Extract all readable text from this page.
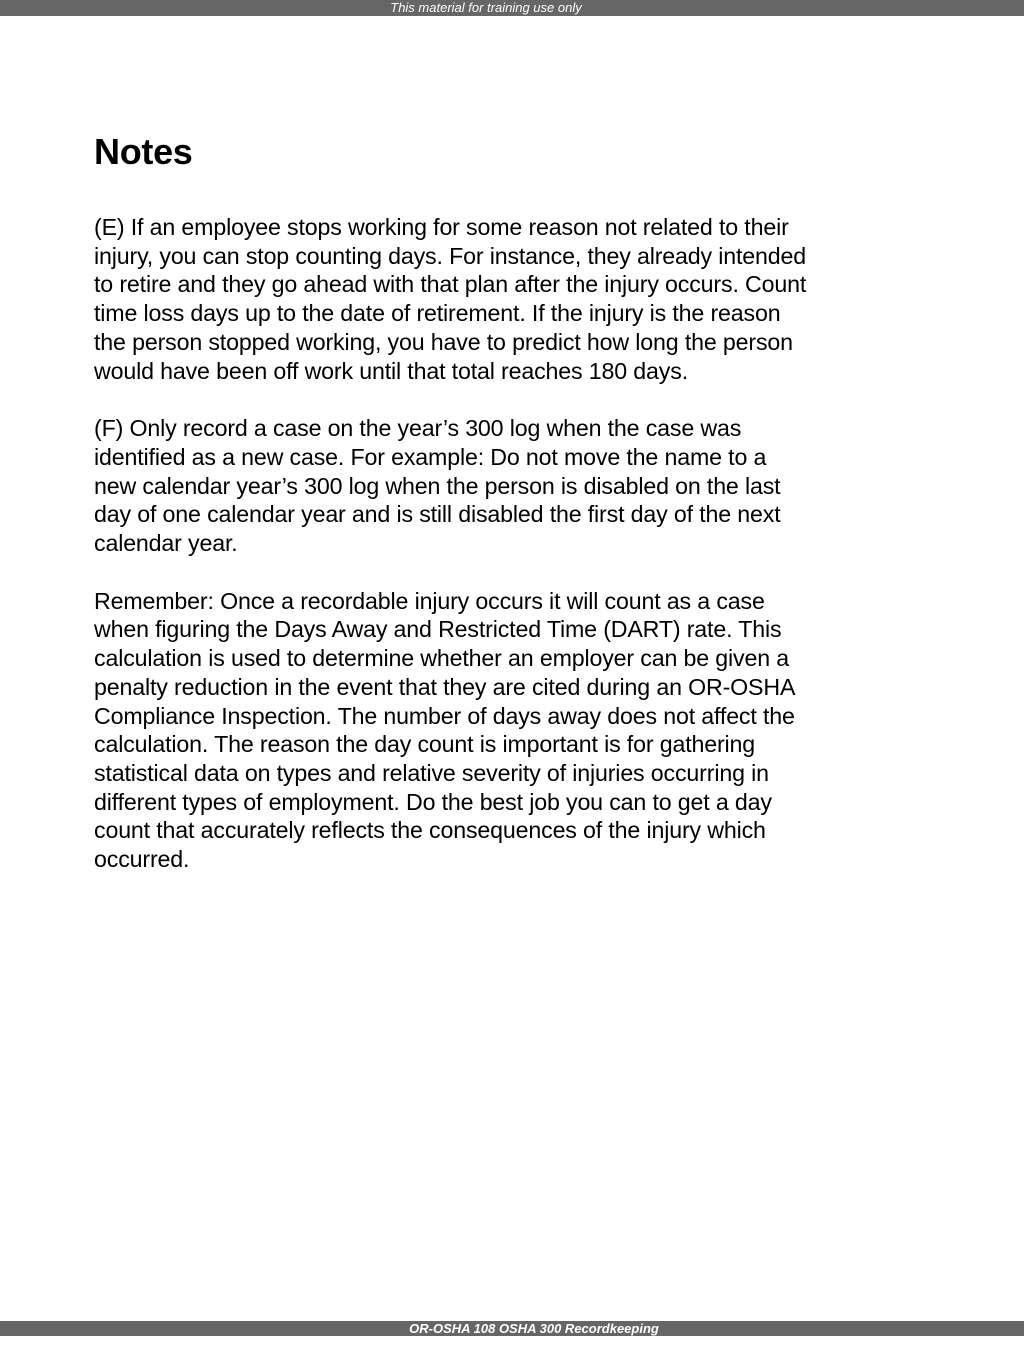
This material for training use only
Notes

(E) If an employee stops working for some reason not related to their
injury, you can stop counting days. For instance, they already intended
to retire and they go ahead with that plan after the injury occurs. Count
time loss days up to the date of retirement. If the injury is the reason
the person stopped working, you have to predict how long the person
would have been off work until that total reaches 180 days.

(F) Only record a case on the year’s 300 log when the case was
identified as a new case. For example: Do not move the name to a
new calendar year’s 300 log when the person is disabled on the last
day of one calendar year and is still disabled the first day of the next
calendar year.

Remember: Once a recordable injury occurs it will count as a case
when figuring the Days Away and Restricted Time (DART) rate. This
calculation is used to determine whether an employer can be given a
penalty reduction in the event that they are cited during an OR-OSHA
Compliance Inspection. The number of days away does not affect the
calculation. The reason the day count is important is for gathering
statistical data on types and relative severity of injuries occurring in
different types of employment. Do the best job you can to get a day
count that accurately reflects the consequences of the injury which
occurred.

OR-OSHA 108 OSHA 300 Recordkeeping
